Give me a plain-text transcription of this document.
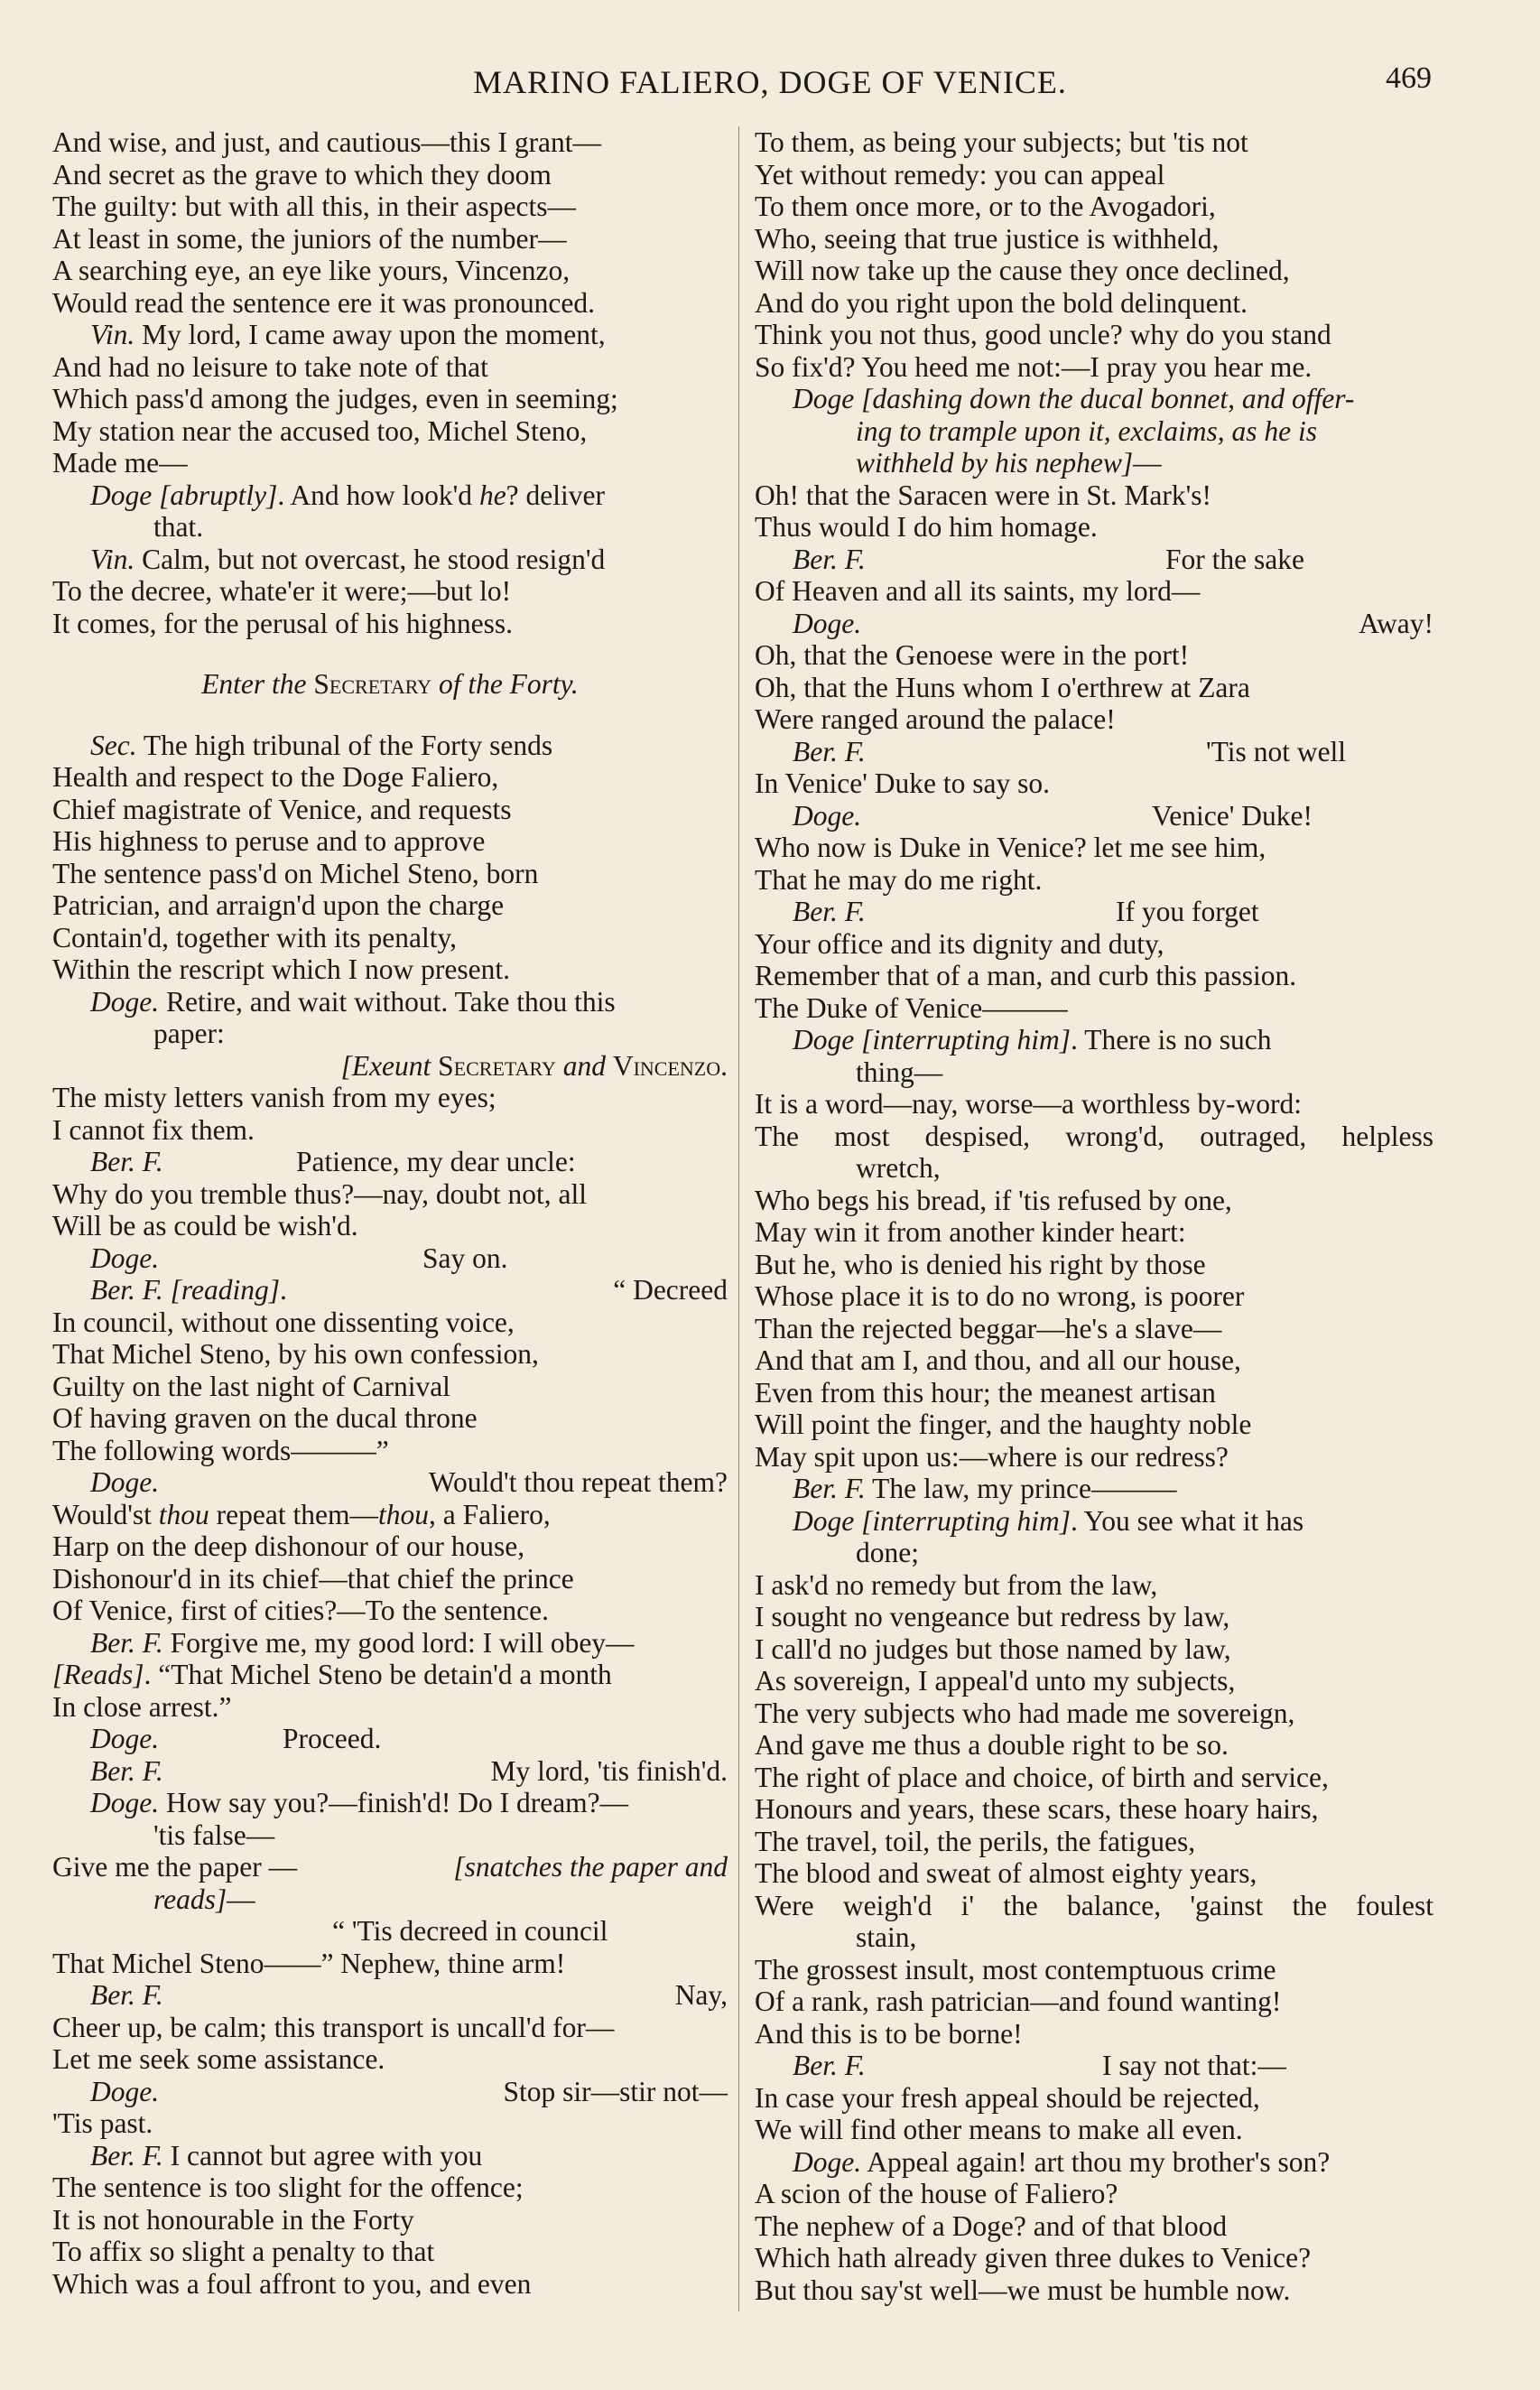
MARINO FALIERO, DOGE OF VENICE.	469
And wise, and just, and cautious—this I grant—
And secret as the grave to which they doom
The guilty: but with all this, in their aspects—
At least in some, the juniors of the number—
A searching eye, an eye like yours, Vincenzo,
Would read the sentence ere it was pronounced.
Vin. My lord, I came away upon the moment,
And had no leisure to take note of that
Which pass'd among the judges, even in seeming;
My station near the accused too, Michel Steno,
Made me—
Doge [abruptly]. And how look'd he? deliver
that.
Vin. Calm, but not overcast, he stood resign'd
To the decree, whate'er it were;—but lo!
It comes, for the perusal of his highness.
Enter the Secretary of the Forty.
Sec. The high tribunal of the Forty sends
Health and respect to the Doge Faliero,
Chief magistrate of Venice, and requests
His highness to peruse and to approve
The sentence pass'd on Michel Steno, born
Patrician, and arraign'd upon the charge
Contain'd, together with its penalty,
Within the rescript which I now present.
Doge. Retire, and wait without. Take thou this
paper:
[Exeunt Secretary and Vincenzo.
The misty letters vanish from my eyes;
I cannot fix them.
Ber. F.	Patience, my dear uncle:
Why do you tremble thus?—nay, doubt not, all
Will be as could be wish'd.
Doge.	Say on.
Ber. F. [reading].	“ Decreed
In council, without one dissenting voice,
That Michel Steno, by his own confession,
Guilty on the last night of Carnival
Of having graven on the ducal throne
The following words———”
Doge.	Would't thou repeat them?
Would'st thou repeat them—thou, a Faliero,
Harp on the deep dishonour of our house,
Dishonour'd in its chief—that chief the prince
Of Venice, first of cities?—To the sentence.
Ber. F. Forgive me, my good lord: I will obey—
[Reads]. “That Michel Steno be detain'd a month
In close arrest.”
Doge.	Proceed.
Ber. F.	My lord, 'tis finish'd.
Doge. How say you?—finish'd! Do I dream?—
'tis false—
Give me the paper —	[snatches the paper and
reads]—
“ 'Tis decreed in council
That Michel Steno——” Nephew, thine arm!
Ber. F.	Nay,
Cheer up, be calm; this transport is uncall'd for—
Let me seek some assistance.
Doge.	Stop sir—stir not—
'Tis past.
Ber. F. I cannot but agree with you
The sentence is too slight for the offence;
It is not honourable in the Forty
To affix so slight a penalty to that
Which was a foul affront to you, and even
To them, as being your subjects; but 'tis not
Yet without remedy: you can appeal
To them once more, or to the Avogadori,
Who, seeing that true justice is withheld,
Will now take up the cause they once declined,
And do you right upon the bold delinquent.
Think you not thus, good uncle? why do you stand
So fix'd? You heed me not:—I pray you hear me.
Doge [dashing down the ducal bonnet, and offer-
ing to trample upon it, exclaims, as he is
withheld by his nephew]—
Oh! that the Saracen were in St. Mark's!
Thus would I do him homage.
Ber. F.	For the sake
Of Heaven and all its saints, my lord—
Doge.	Away!
Oh, that the Genoese were in the port!
Oh, that the Huns whom I o'erthrew at Zara
Were ranged around the palace!
Ber. F.	'Tis not well
In Venice' Duke to say so.
Doge.	Venice' Duke!
Who now is Duke in Venice? let me see him,
That he may do me right.
Ber. F.	If you forget
Your office and its dignity and duty,
Remember that of a man, and curb this passion.
The Duke of Venice———
Doge [interrupting him]. There is no such
thing—
It is a word—nay, worse—a worthless by-word:
The most despised, wrong'd, outraged, helpless
wretch,
Who begs his bread, if 'tis refused by one,
May win it from another kinder heart:
But he, who is denied his right by those
Whose place it is to do no wrong, is poorer
Than the rejected beggar—he's a slave—
And that am I, and thou, and all our house,
Even from this hour; the meanest artisan
Will point the finger, and the haughty noble
May spit upon us:—where is our redress?
Ber. F. The law, my prince———
Doge [interrupting him]. You see what it has
done;
I ask'd no remedy but from the law,
I sought no vengeance but redress by law,
I call'd no judges but those named by law,
As sovereign, I appeal'd unto my subjects,
The very subjects who had made me sovereign,
And gave me thus a double right to be so.
The right of place and choice, of birth and service,
Honours and years, these scars, these hoary hairs,
The travel, toil, the perils, the fatigues,
The blood and sweat of almost eighty years,
Were weigh'd i' the balance, 'gainst the foulest
stain,
The grossest insult, most contemptuous crime
Of a rank, rash patrician—and found wanting!
And this is to be borne!
Ber. F.	I say not that:—
In case your fresh appeal should be rejected,
We will find other means to make all even.
Doge. Appeal again! art thou my brother's son?
A scion of the house of Faliero?
The nephew of a Doge? and of that blood
Which hath already given three dukes to Venice?
But thou say'st well—we must be humble now.
